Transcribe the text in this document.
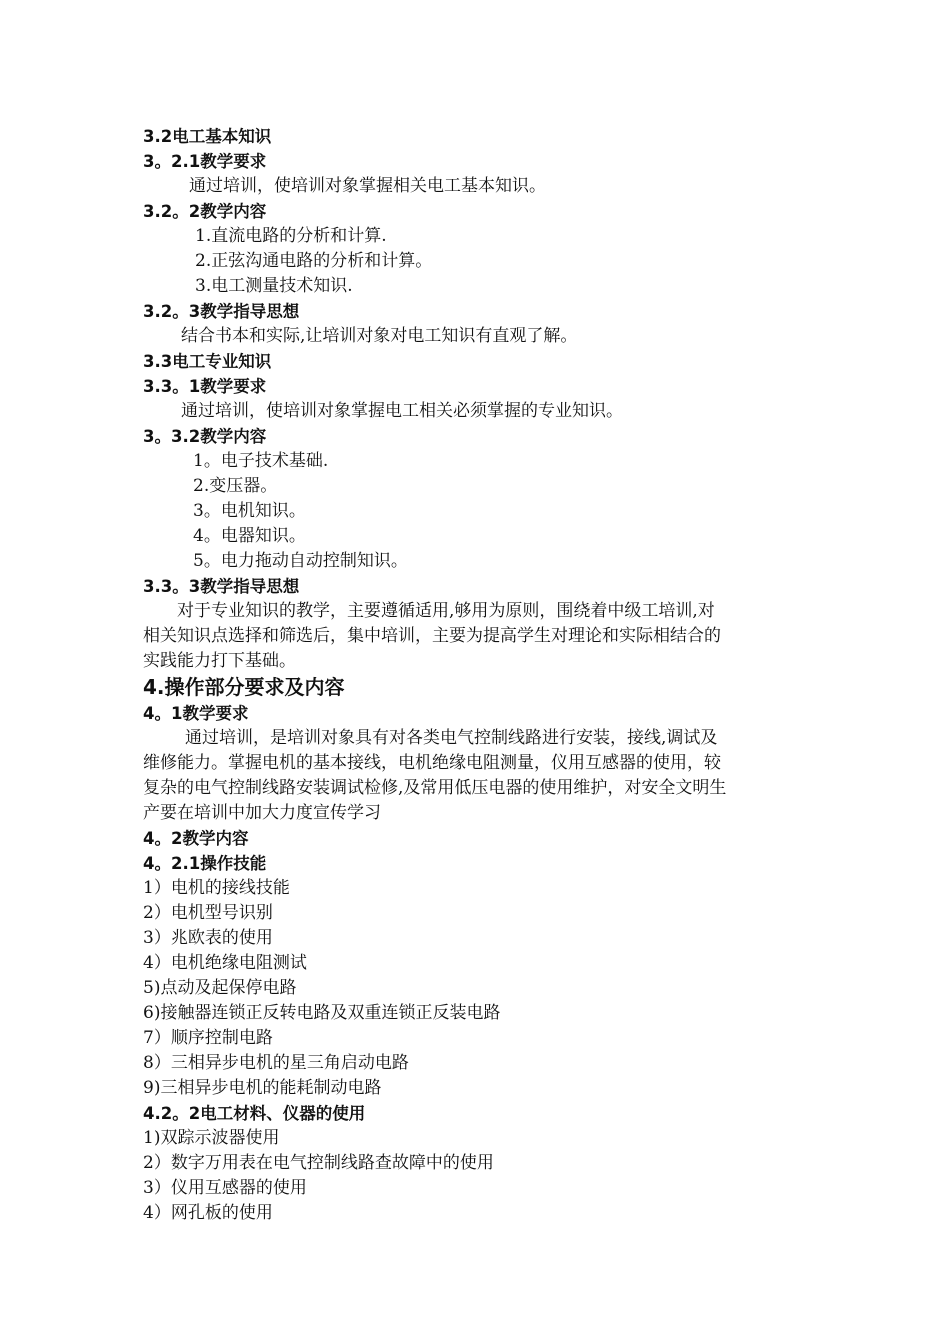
3.2电工基本知识
3。2.1教学要求
通过培训，使培训对象掌握相关电工基本知识。
3.2。2教学内容
1.直流电路的分析和计算.
2.正弦沟通电路的分析和计算。
3.电工测量技术知识.
3.2。3教学指导思想
结合书本和实际,让培训对象对电工知识有直观了解。
3.3电工专业知识
3.3。1教学要求
通过培训，使培训对象掌握电工相关必须掌握的专业知识。
3。3.2教学内容
1。电子技术基础.
2.变压器。
3。电机知识。
4。电器知识。
5。电力拖动自动控制知识。
3.3。3教学指导思想
对于专业知识的教学，主要遵循适用,够用为原则，围绕着中级工培训,对
相关知识点选择和筛选后，集中培训，主要为提高学生对理论和实际相结合的
实践能力打下基础。
4.操作部分要求及内容
4。1教学要求
通过培训，是培训对象具有对各类电气控制线路进行安装，接线,调试及
维修能力。掌握电机的基本接线，电机绝缘电阻测量，仪用互感器的使用，较
复杂的电气控制线路安装调试检修,及常用低压电器的使用维护，对安全文明生
产要在培训中加大力度宣传学习
4。2教学内容
4。2.1操作技能
1）电机的接线技能
2）电机型号识别
3）兆欧表的使用
4）电机绝缘电阻测试
5)点动及起保停电路
6)接触器连锁正反转电路及双重连锁正反装电路
7）顺序控制电路
8）三相异步电机的星三角启动电路
9)三相异步电机的能耗制动电路
4.2。2电工材料、仪器的使用
1)双踪示波器使用
2）数字万用表在电气控制线路查故障中的使用
3）仪用互感器的使用
4）网孔板的使用
